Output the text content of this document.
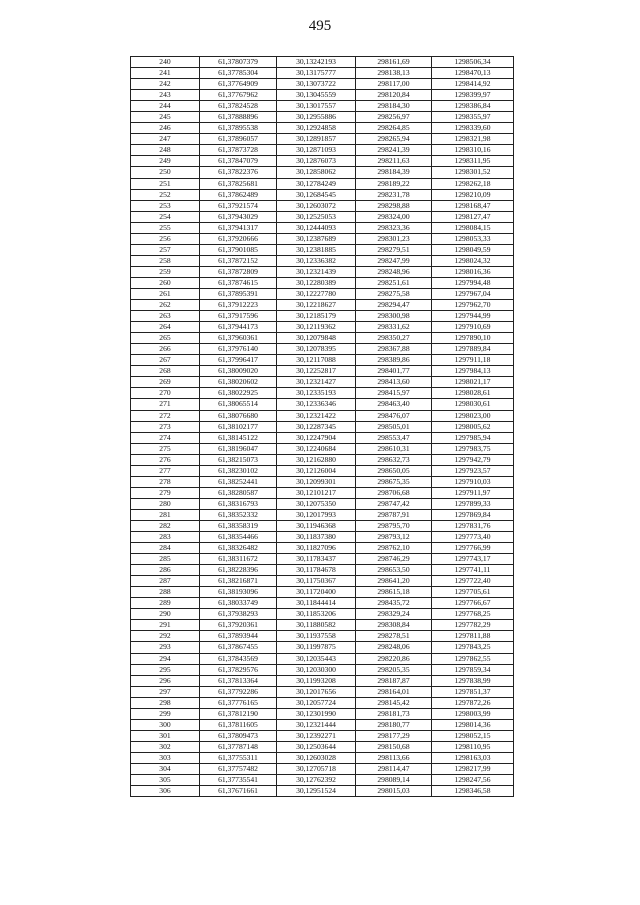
495
240	61,37807379	30,13242193	298161,69	1298506,34
241	61,37785304	30,13175777	298138,13	1298470,13
242	61,37764909	30,13073722	298117,00	1298414,92
243	61,37767962	30,13045559	298120,84	1298399,97
244	61,37824528	30,13017557	298184,30	1298386,84
245	61,37888896	30,12955886	298256,97	1298355,97
246	61,37895538	30,12924858	298264,85	1298339,60
247	61,37896057	30,12891857	298265,94	1298321,98
248	61,37873728	30,12871093	298241,39	1298310,16
249	61,37847079	30,12876073	298211,63	1298311,95
250	61,37822376	30,12858062	298184,39	1298301,52
251	61,37825681	30,12784249	298189,22	1298262,18
252	61,37862489	30,12684545	298231,78	1298210,09
253	61,37921574	30,12603072	298298,88	1298168,47
254	61,37943029	30,12525053	298324,00	1298127,47
255	61,37941317	30,12444093	298323,36	1298084,15
256	61,37920666	30,12387689	298301,23	1298053,33
257	61,37901085	30,12381885	298279,51	1298049,59
258	61,37872152	30,12336382	298247,99	1298024,32
259	61,37872809	30,12321439	298248,96	1298016,36
260	61,37874615	30,12280389	298251,61	1297994,48
261	61,37895391	30,12227780	298275,58	1297967,04
262	61,37912223	30,12218627	298294,47	1297962,70
263	61,37917596	30,12185179	298300,98	1297944,99
264	61,37944173	30,12119362	298331,62	1297910,69
265	61,37960361	30,12079848	298350,27	1297890,10
266	61,37976140	30,12078395	298367,88	1297889,84
267	61,37996417	30,12117088	298389,86	1297911,18
268	61,38009020	30,12252817	298401,77	1297984,13
269	61,38020602	30,12321427	298413,60	1298021,17
270	61,38022925	30,12335193	298415,97	1298028,61
271	61,38065514	30,12336346	298463,40	1298030,61
272	61,38076680	30,12321422	298476,07	1298023,00
273	61,38102177	30,12287345	298505,01	1298005,62
274	61,38145122	30,12247904	298553,47	1297985,94
275	61,38196047	30,12240684	298610,31	1297983,75
276	61,38215073	30,12162880	298632,73	1297942,79
277	61,38230102	30,12126004	298650,05	1297923,57
278	61,38252441	30,12099301	298675,35	1297910,03
279	61,38280587	30,12101217	298706,68	1297911,97
280	61,38316793	30,12075350	298747,42	1297899,33
281	61,38352332	30,12017993	298787,91	1297869,84
282	61,38358319	30,11946368	298795,70	1297831,76
283	61,38354466	30,11837380	298793,12	1297773,40
284	61,38326482	30,11827096	298762,10	1297766,99
285	61,38311672	30,11783437	298746,29	1297743,17
286	61,38228396	30,11784678	298653,50	1297741,11
287	61,38216871	30,11750367	298641,20	1297722,40
288	61,38193096	30,11720400	298615,18	1297705,61
289	61,38033749	30,11844414	298435,72	1297766,67
290	61,37938293	30,11853206	298329,24	1297768,25
291	61,37920361	30,11880582	298308,84	1297782,29
292	61,37893944	30,11937558	298278,51	1297811,88
293	61,37867455	30,11997875	298248,06	1297843,25
294	61,37843569	30,12035443	298220,86	1297862,55
295	61,37829576	30,12030300	298205,35	1297859,34
296	61,37813364	30,11993208	298187,87	1297838,99
297	61,37792286	30,12017656	298164,01	1297851,37
298	61,37776165	30,12057724	298145,42	1297872,26
299	61,37812190	30,12301990	298181,73	1298003,99
300	61,37811605	30,12321444	298180,77	1298014,36
301	61,37809473	30,12392271	298177,29	1298052,15
302	61,37787148	30,12503644	298150,68	1298110,95
303	61,37755311	30,12603028	298113,66	1298163,03
304	61,37757482	30,12705718	298114,47	1298217,99
305	61,37735541	30,12762392	298089,14	1298247,56
306	61,37671661	30,12951524	298015,03	1298346,58
